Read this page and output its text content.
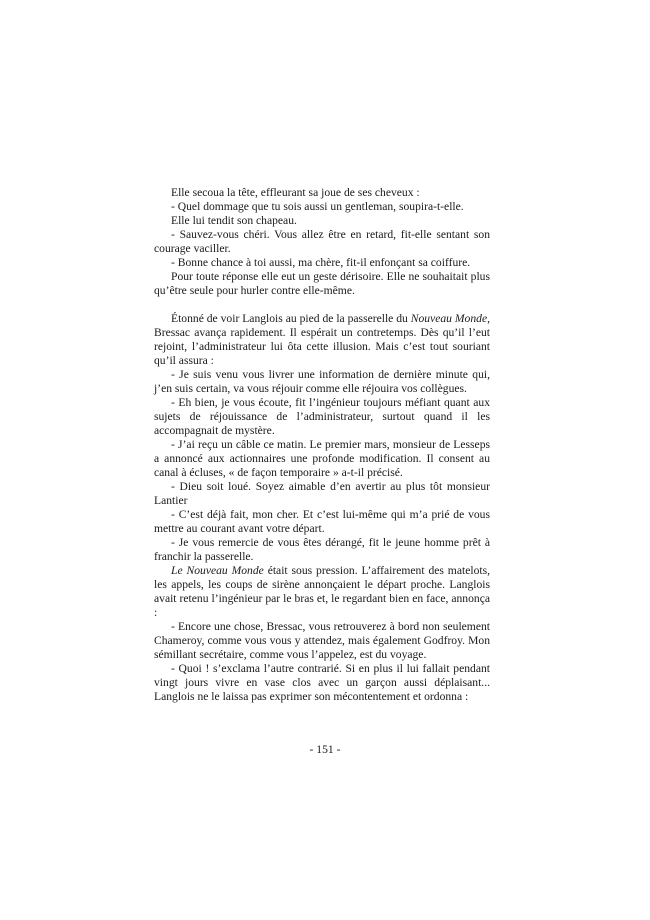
Elle secoua la tête, effleurant sa joue de ses cheveux :

- Quel dommage que tu sois aussi un gentleman, soupira-t-elle.

Elle lui tendit son chapeau.

- Sauvez-vous chéri. Vous allez être en retard, fit-elle sentant son courage vaciller.

- Bonne chance à toi aussi, ma chère, fit-il enfonçant sa coiffure.

Pour toute réponse elle eut un geste dérisoire. Elle ne souhaitait plus qu’être seule pour hurler contre elle-même.

Étonné de voir Langlois au pied de la passerelle du Nouveau Monde, Bressac avança rapidement. Il espérait un contretemps. Dès qu’il l’eut rejoint, l’administrateur lui ôta cette illusion. Mais c’est tout souriant qu’il assura :

- Je suis venu vous livrer une information de dernière minute qui, j’en suis certain, va vous réjouir comme elle réjouira vos collègues.

- Eh bien, je vous écoute, fit l’ingénieur toujours méfiant quant aux sujets de réjouissance de l’administrateur, surtout quand il les accompagnait de mystère.

- J’ai reçu un câble ce matin. Le premier mars, monsieur de Lesseps a annoncé aux actionnaires une profonde modification. Il consent au canal à écluses, « de façon temporaire » a-t-il précisé.

- Dieu soit loué. Soyez aimable d’en avertir au plus tôt monsieur Lantier

- C’est déjà fait, mon cher. Et c’est lui-même qui m’a prié de vous mettre au courant avant votre départ.

- Je vous remercie de vous êtes dérangé, fit le jeune homme prêt à franchir la passerelle.

Le Nouveau Monde était sous pression. L’affairement des matelots, les appels, les coups de sirène annonçaient le départ proche. Langlois avait retenu l’ingénieur par le bras et, le regardant bien en face, annonça :

- Encore une chose, Bressac, vous retrouverez à bord non seulement Chameroy, comme vous vous y attendez, mais également Godfroy. Mon sémillant secrétaire, comme vous l’appelez, est du voyage.

- Quoi ! s’exclama l’autre contrarié. Si en plus il lui fallait pendant vingt jours vivre en vase clos avec un garçon aussi déplaisant... Langlois ne le laissa pas exprimer son mécontentement et ordonna :

- 151 -
